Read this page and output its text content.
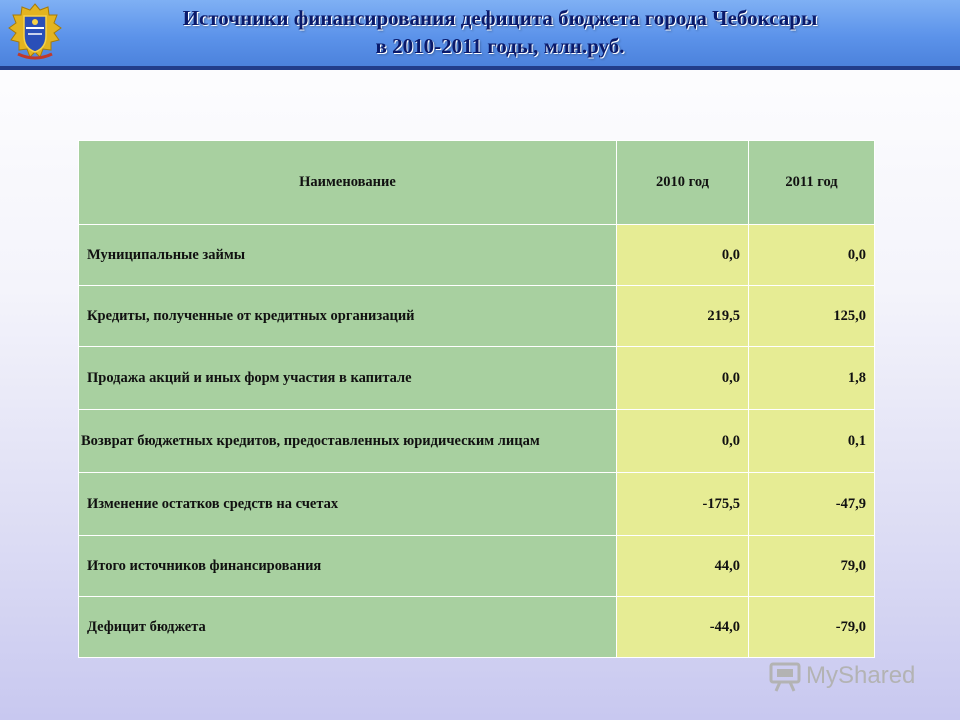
Источники финансирования дефицита бюджета города Чебоксары
в 2010-2011 годы, млн.руб.
Наименование	2010 год	2011 год
Муниципальные займы	0,0	0,0
Кредиты, полученные от кредитных организаций	219,5	125,0
Продажа акций и иных форм участия в капитале	0,0	1,8
Возврат бюджетных кредитов, предоставленных юридическим лицам	0,0	0,1
Изменение остатков средств на счетах	-175,5	-47,9
Итого источников финансирования	44,0	79,0
Дефицит бюджета	-44,0	-79,0
MyShared
